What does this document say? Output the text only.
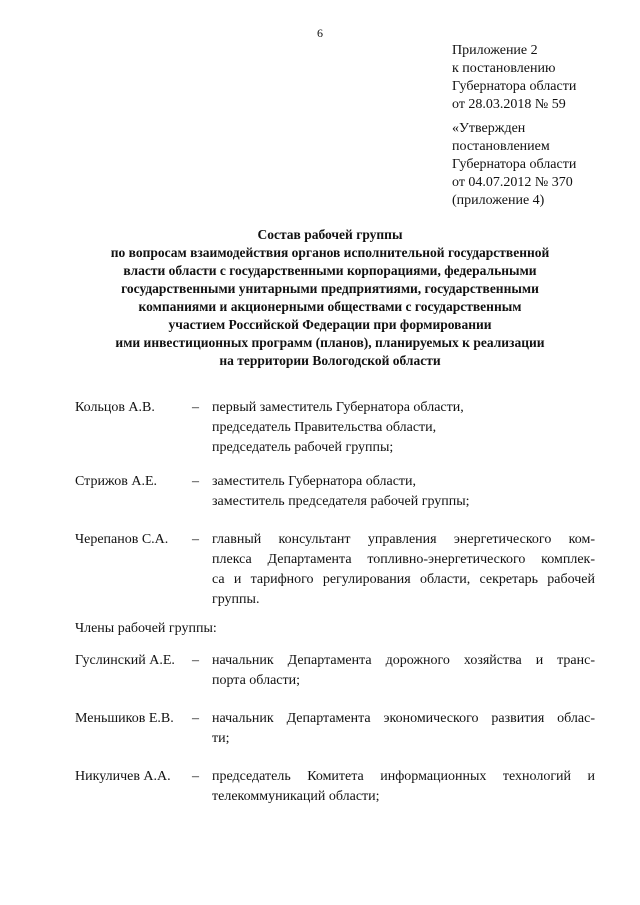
6
Приложение 2
к постановлению
Губернатора области
от 28.03.2018 № 59
«Утвержден
постановлением
Губернатора области
от 04.07.2012 № 370
(приложение 4)
Состав рабочей группы
по вопросам взаимодействия органов исполнительной государственной
власти области с государственными корпорациями, федеральными
государственными унитарными предприятиями, государственными
компаниями и акционерными обществами с государственным
участием Российской Федерации при формировании
ими инвестиционных программ (планов), планируемых к реализации
на территории Вологодской области
Кольцов А.В.	– первый заместитель Губернатора области,
председатель Правительства области,
председатель рабочей группы;
Стрижов А.Е. – заместитель Губернатора области,
заместитель председателя рабочей группы;
Черепанов С.А. – главный консультант управления энергетического ком-
плекса Департамента топливно-энергетического комплек-
са и тарифного регулирования области, секретарь рабочей
группы.
Члены рабочей группы:
Гуслинский А.Е. – начальник Департамента дорожного хозяйства и транс-
порта области;
Меньшиков Е.В. – начальник Департамента экономического развития облас-
ти;
Никуличев А.А. – председатель Комитета информационных технологий и
телекоммуникаций области;
